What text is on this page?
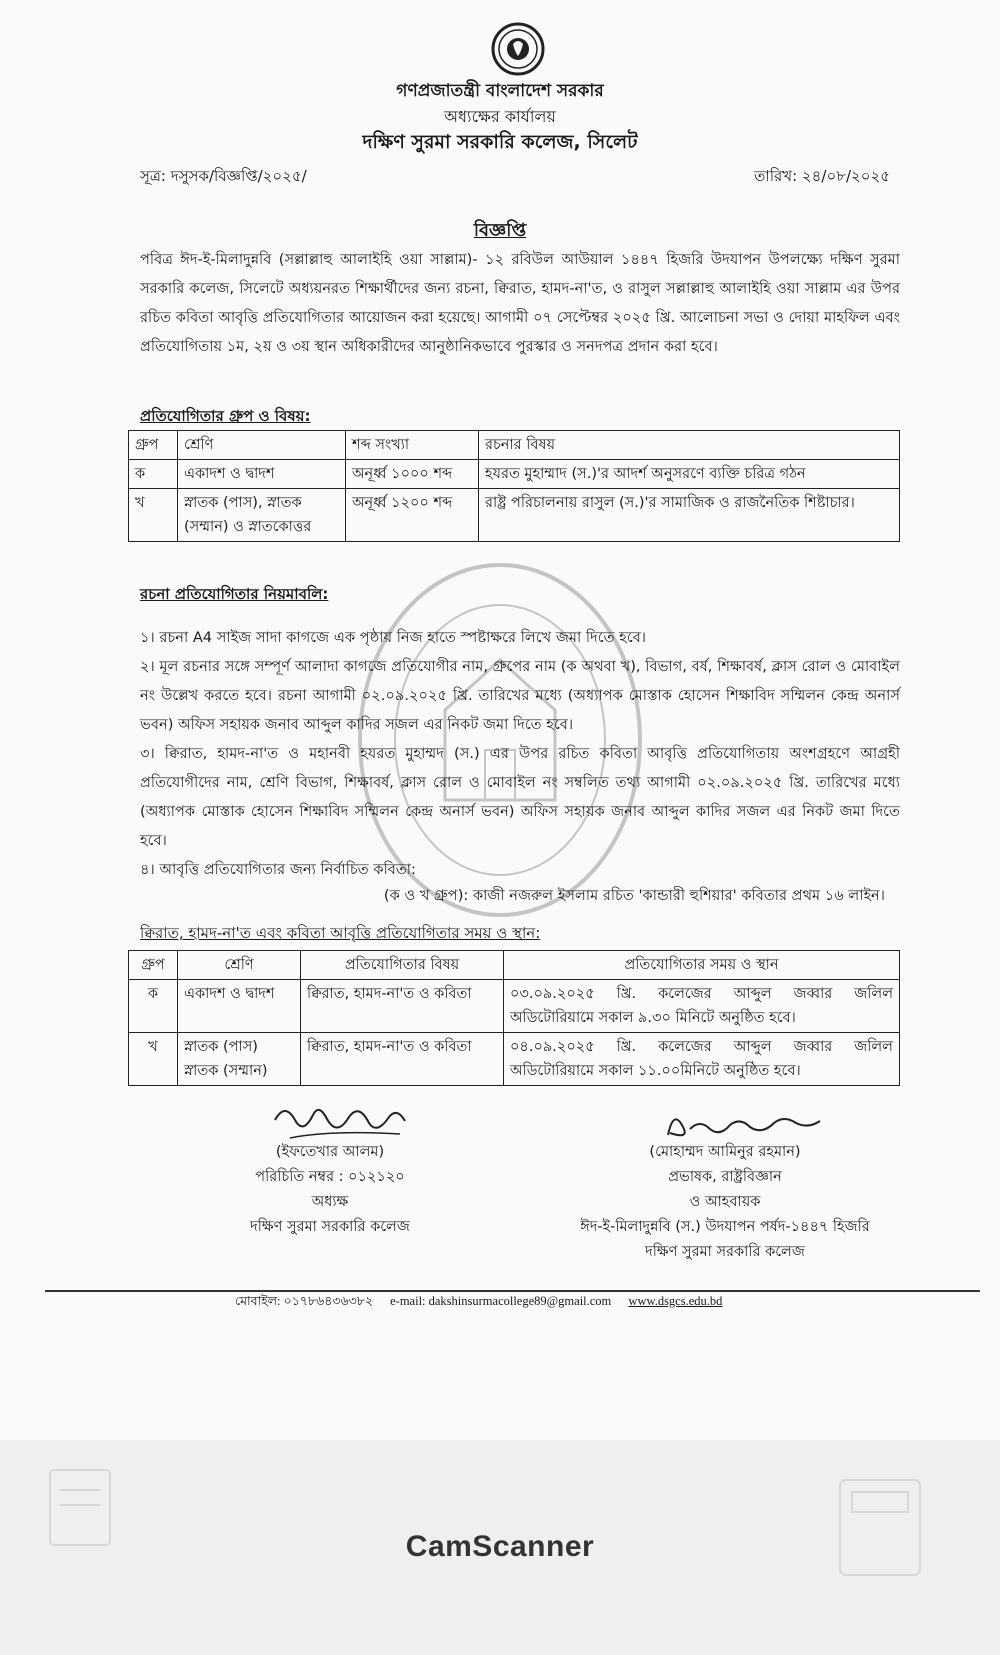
গণপ্রজাতন্ত্রী বাংলাদেশ সরকার
অধ্যক্ষের কার্যালয়
দক্ষিণ সুরমা সরকারি কলেজ, সিলেট
সূত্র: দসুসক/বিজ্ঞপ্তি/২০২৫/	তারিখ: ২৪/০৮/২০২৫
বিজ্ঞপ্তি
পবিত্র ঈদ-ই-মিলাদুন্নবি (সল্লাল্লাহু আলাইহি ওয়া সাল্লাম)- ১২ রবিউল আউয়াল ১৪৪৭ হিজরি উদযাপন উপলক্ষ্যে দক্ষিণ সুরমা সরকারি কলেজ, সিলেটে অধ্যয়নরত শিক্ষার্থীদের জন্য রচনা, ক্বিরাত, হামদ-না'ত, ও রাসুল সল্লাল্লাহু আলাইহি ওয়া সাল্লাম এর উপর রচিত কবিতা আবৃত্তি প্রতিযোগিতার আয়োজন করা হয়েছে। আগামী ০৭ সেপ্টেম্বর ২০২৫ খ্রি. আলোচনা সভা ও দোয়া মাহফিল এবং প্রতিযোগিতায় ১ম, ২য় ও ৩য় স্থান অধিকারীদের আনুষ্ঠানিকভাবে পুরস্কার ও সনদপত্র প্রদান করা হবে।
প্রতিযোগিতার গ্রুপ ও বিষয়:
গ্রুপ	শ্রেণি	শব্দ সংখ্যা	রচনার বিষয়
ক	একাদশ ও দ্বাদশ	অনূর্ধ্ব ১০০০ শব্দ	হযরত মুহাম্মাদ (স.)'র আদর্শ অনুসরণে ব্যক্তি চরিত্র গঠন
খ	স্নাতক (পাস), স্নাতক (সম্মান) ও স্নাতকোত্তর	অনূর্ধ্ব ১২০০ শব্দ	রাষ্ট্র পরিচালনায় রাসুল (স.)'র সামাজিক ও রাজনৈতিক শিষ্টাচার।
রচনা প্রতিযোগিতার নিয়মাবলি:

১। রচনা A4 সাইজ সাদা কাগজে এক পৃষ্ঠায় নিজ হাতে স্পষ্টাক্ষরে লিখে জমা দিতে হবে।

২। মূল রচনার সঙ্গে সম্পূর্ণ আলাদা কাগজে প্রতিযোগীর নাম, গ্রুপের নাম (ক অথবা খ), বিভাগ, বর্ষ, শিক্ষাবর্ষ, ক্লাস রোল ও মোবাইল নং উল্লেখ করতে হবে। রচনা আগামী ০২.০৯.২০২৫ খ্রি. তারিখের মধ্যে (অধ্যাপক মোস্তাক হোসেন শিক্ষাবিদ সম্মিলন কেন্দ্র অনার্স ভবন) অফিস সহায়ক জনাব আব্দুল কাদির সজল এর নিকট জমা দিতে হবে।

৩। ক্বিরাত, হামদ-না'ত ও মহানবী হযরত মুহাম্মদ (স.) এর উপর রচিত কবিতা আবৃত্তি প্রতিযোগিতায় অংশগ্রহণে আগ্রহী প্রতিযোগীদের নাম, শ্রেণি বিভাগ, শিক্ষাবর্ষ, ক্লাস রোল ও মোবাইল নং সম্বলিত তথ্য আগামী ০২.০৯.২০২৫ খ্রি. তারিখের মধ্যে (অধ্যাপক মোস্তাক হোসেন শিক্ষাবিদ সম্মিলন কেন্দ্র অনার্স ভবন) অফিস সহায়ক জনাব আব্দুল কাদির সজল এর নিকট জমা দিতে হবে।

৪। আবৃত্তি প্রতিযোগিতার জন্য নির্বাচিত কবিতা:

(ক ও খ গ্রুপ): কাজী নজরুল ইসলাম রচিত 'কান্ডারী হুশিয়ার' কবিতার প্রথম ১৬ লাইন।
ক্বিরাত, হামদ-না'ত এবং কবিতা আবৃত্তি প্রতিযোগিতার সময় ও স্থান:
গ্রুপ	শ্রেণি	প্রতিযোগিতার বিষয়	প্রতিযোগিতার সময় ও স্থান
ক	একাদশ ও দ্বাদশ	ক্বিরাত, হামদ-না'ত ও কবিতা	০৩.০৯.২০২৫ খ্রি. কলেজের আব্দুল জব্বার জলিল অডিটোরিয়ামে সকাল ৯.৩০ মিনিটে অনুষ্ঠিত হবে।
খ	স্নাতক (পাস) স্নাতক (সম্মান)	ক্বিরাত, হামদ-না'ত ও কবিতা	০৪.০৯.২০২৫ খ্রি. কলেজের আব্দুল জব্বার জলিল অডিটোরিয়ামে সকাল ১১.০০মিনিটে অনুষ্ঠিত হবে।
(ইফতেখার আলম)
পরিচিতি নম্বর : ০১২১২০
অধ্যক্ষ
দক্ষিণ সুরমা সরকারি কলেজ
(মোহাম্মদ আমিনুর রহমান)
প্রভাষক, রাষ্ট্রবিজ্ঞান
ও আহবায়ক
ঈদ-ই-মিলাদুন্নবি (স.) উদযাপন পর্ষদ-১৪৪৭ হিজরি
দক্ষিণ সুরমা সরকারি কলেজ
মোবাইল: ০১৭৮৬৪৩৬৩৮২ e-mail: dakshinsurmacollege89@gmail.com www.dsgcs.edu.bd
CamScanner
